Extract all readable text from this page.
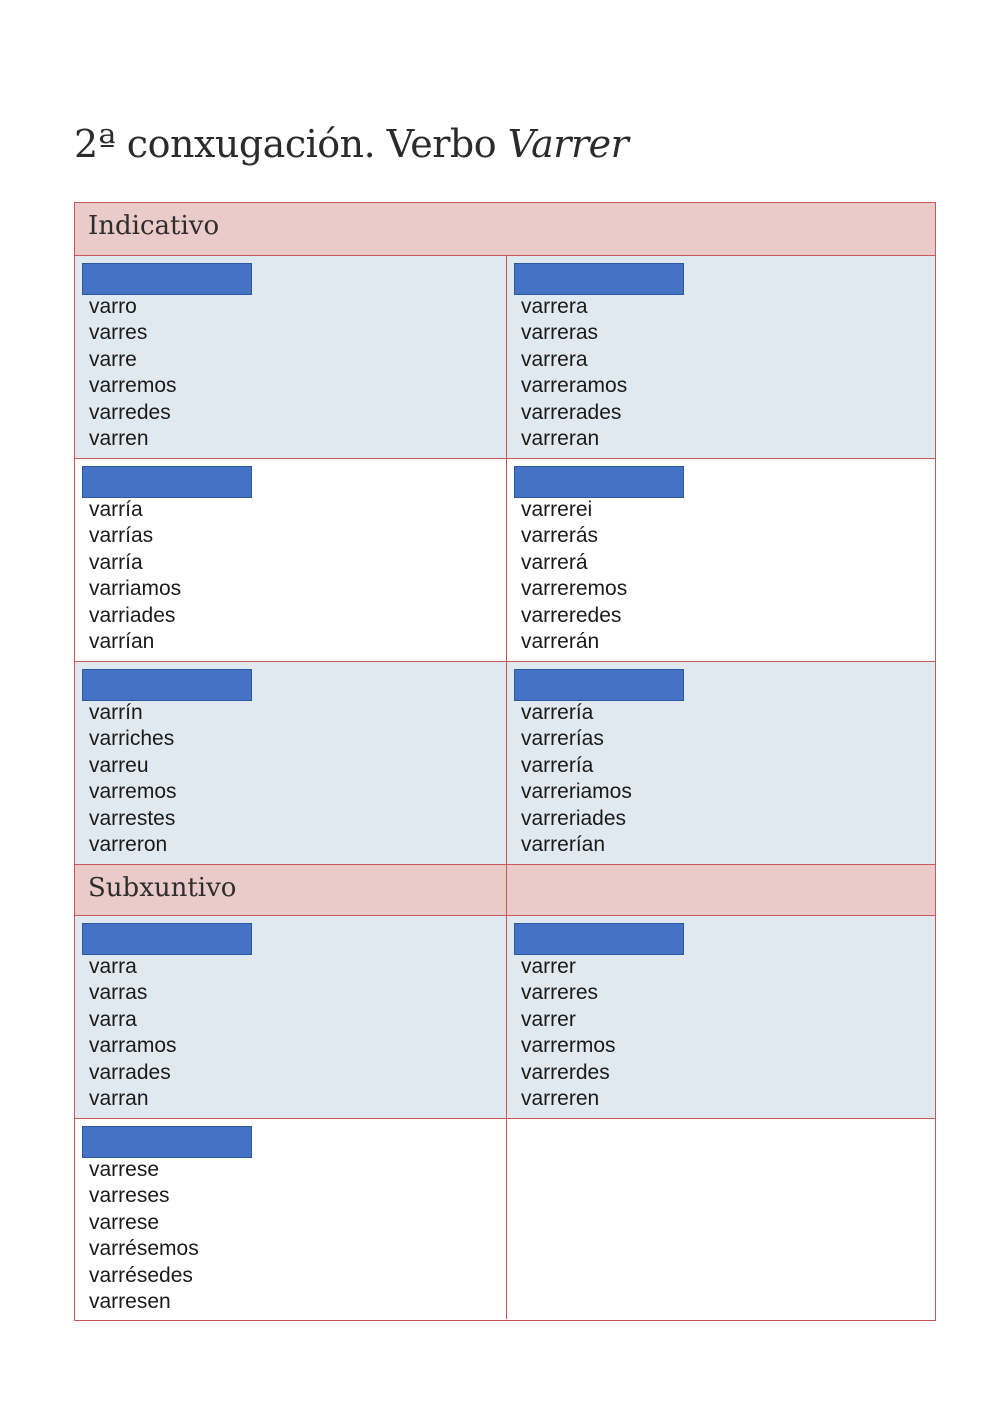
2ª conxugación. Verbo Varrer
Indicativo
varro
varres
varre
varremos
varredes
varren
varrera
varreras
varrera
varreramos
varrerades
varreran
varría
varrías
varría
varriamos
varriades
varrían
varrerei
varrerás
varrerá
varreremos
varreredes
varrerán
varrín
varriches
varreu
varremos
varrestes
varreron
varrería
varrerías
varrería
varreriamos
varreriades
varrerían
Subxuntivo
varra
varras
varra
varramos
varrades
varran
varrer
varreres
varrer
varrermos
varrerdes
varreren
varrese
varreses
varrese
varrésemos
varrésedes
varresen
